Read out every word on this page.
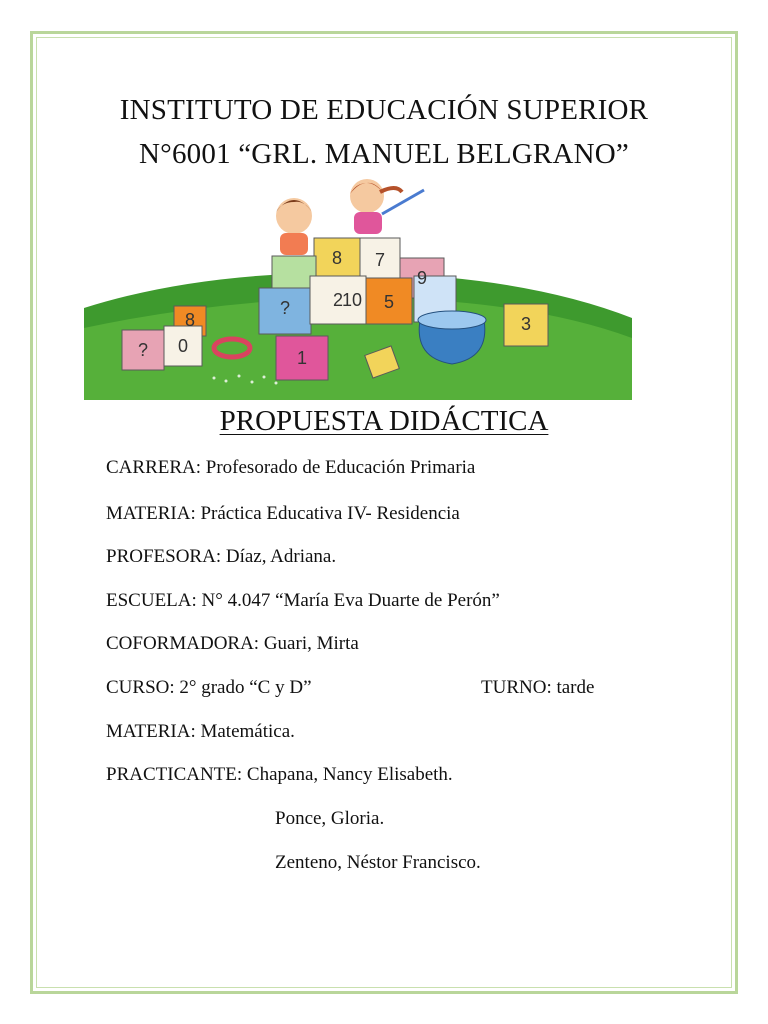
INSTITUTO DE EDUCACIÓN SUPERIOR
N°6001 “GRL. MANUEL BELGRANO”
8 7
2
10 5
?
? 0
1
3
8
9
PROPUESTA DIDÁCTICA
CARRERA: Profesorado de Educación Primaria
MATERIA: Práctica Educativa IV- Residencia
PROFESORA: Díaz, Adriana.
ESCUELA: N° 4.047 “María Eva Duarte de Perón”
COFORMADORA: Guari, Mirta
CURSO: 2° grado “C y D”	TURNO: tarde
MATERIA: Matemática.
PRACTICANTE: Chapana, Nancy Elisabeth.
Ponce, Gloria.
Zenteno, Néstor Francisco.
